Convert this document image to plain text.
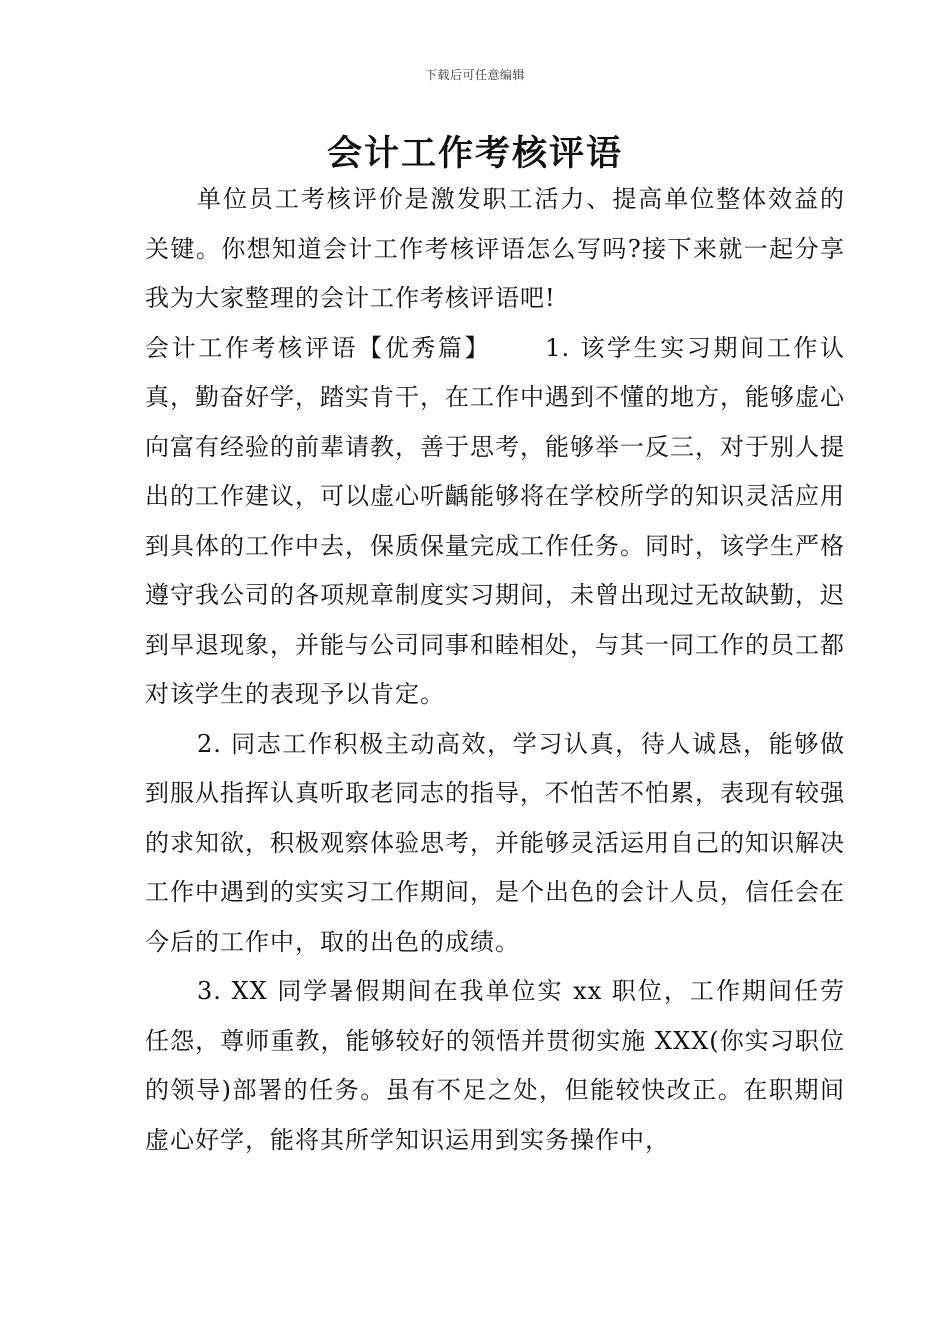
下载后可任意编辑
会计工作考核评语

单位员工考核评价是激发职工活力、提高单位整体效益的关键。你想知道会计工作考核评语怎么写吗?接下来就一起分享我为大家整理的会计工作考核评语吧!

会计工作考核评语【优秀篇】 1. 该学生实习期间工作认真，勤奋好学，踏实肯干，在工作中遇到不懂的地方，能够虚心向富有经验的前辈请教，善于思考，能够举一反三，对于别人提出的工作建议，可以虚心听齲能够将在学校所学的知识灵活应用到具体的工作中去，保质保量完成工作任务。同时，该学生严格遵守我公司的各项规章制度实习期间，未曾出现过无故缺勤，迟到早退现象，并能与公司同事和睦相处，与其一同工作的员工都对该学生的表现予以肯定。

2. 同志工作积极主动高效，学习认真，待人诚恳，能够做到服从指挥认真听取老同志的指导，不怕苦不怕累，表现有较强的求知欲，积极观察体验思考，并能够灵活运用自己的知识解决工作中遇到的实实习工作期间，是个出色的会计人员，信任会在今后的工作中，取的出色的成绩。

3. XX 同学暑假期间在我单位实 xx 职位，工作期间任劳任怨，尊师重教，能够较好的领悟并贯彻实施 XXX(你实习职位的领导)部署的任务。虽有不足之处，但能较快改正。在职期间虚心好学，能将其所学知识运用到实务操作中，
